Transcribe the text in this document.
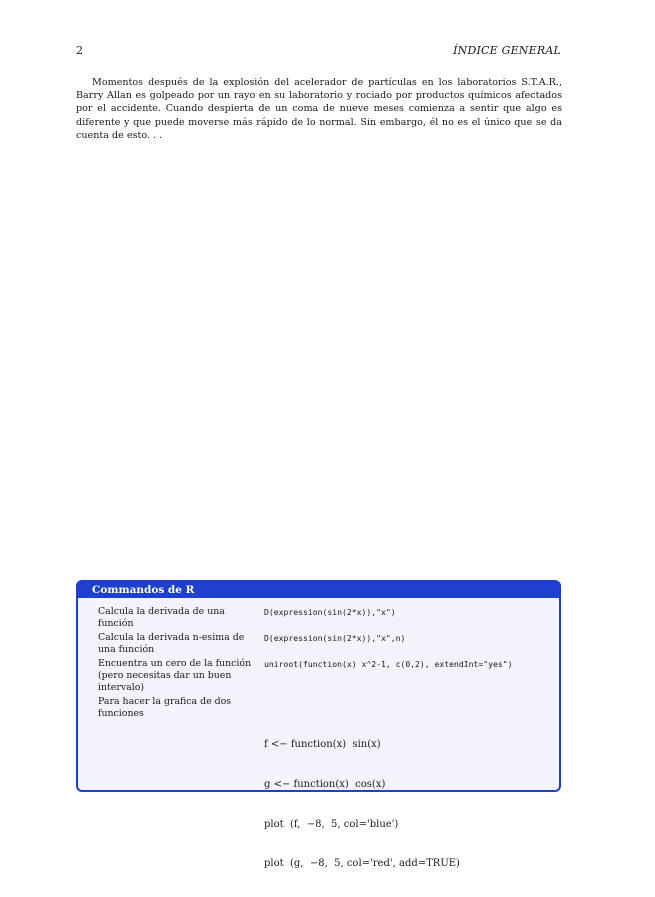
2	ÍNDICE GENERAL

Momentos después de la explosión del acelerador de partículas en los laboratorios S.T.A.R., Barry Allan es golpeado por un rayo en su laboratorio y rociado por productos químicos afectados por el accidente. Cuando despierta de un coma de nueve meses comienza a sentir que algo es diferente y que puede moverse más rápido de lo normal. Sin embargo, él no es el único que se da cuenta de esto. . .

Commandos de R
Calcula la derivada de una función
D(expression(sin(2*x)),"x")
Calcula la derivada n-esima de una función
D(expression(sin(2*x)),"x",n)
Encuentra un cero de la función (pero necesitas dar un buen intervalo)
uniroot(function(x) x^2-1, c(0,2), extendInt="yes")
Para hacer la grafica de dos funciones

f <− function(x)  sin(x)

g <− function(x)  cos(x)

plot  (f,  −8,  5, col='blue')

plot  (g,  −8,  5, col='red', add=TRUE)
